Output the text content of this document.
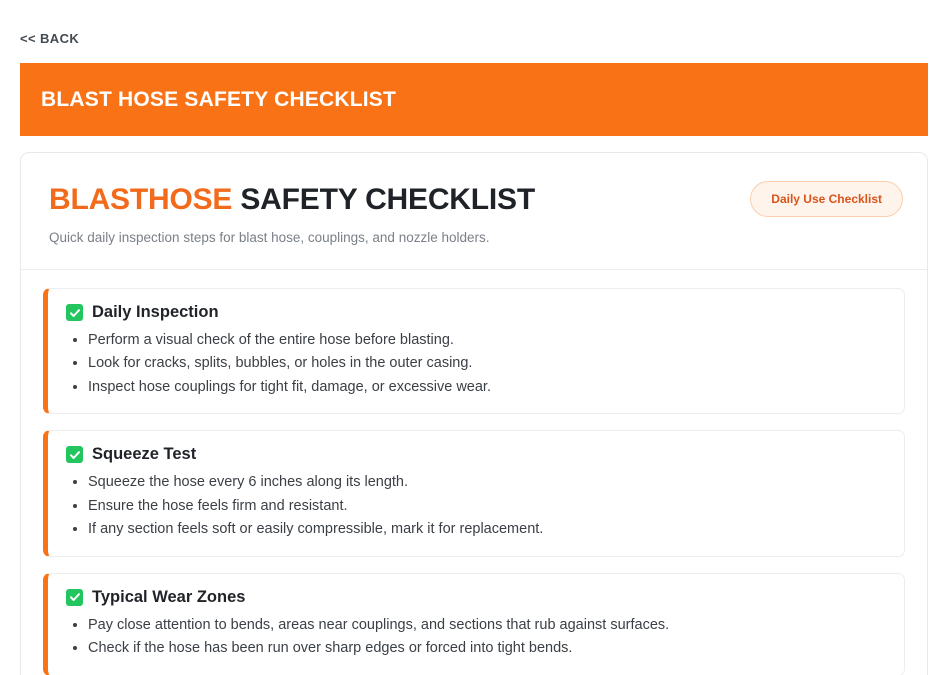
<< BACK
BLAST HOSE SAFETY CHECKLIST
BLASTHOSE SAFETY CHECKLIST
Quick daily inspection steps for blast hose, couplings, and nozzle holders.
Daily Use Checklist
Daily Inspection
• Perform a visual check of the entire hose before blasting.
• Look for cracks, splits, bubbles, or holes in the outer casing.
• Inspect hose couplings for tight fit, damage, or excessive wear.
Squeeze Test
• Squeeze the hose every 6 inches along its length.
• Ensure the hose feels firm and resistant.
• If any section feels soft or easily compressible, mark it for replacement.
Typical Wear Zones
• Pay close attention to bends, areas near couplings, and sections that rub against surfaces.
• Check if the hose has been run over sharp edges or forced into tight bends.
